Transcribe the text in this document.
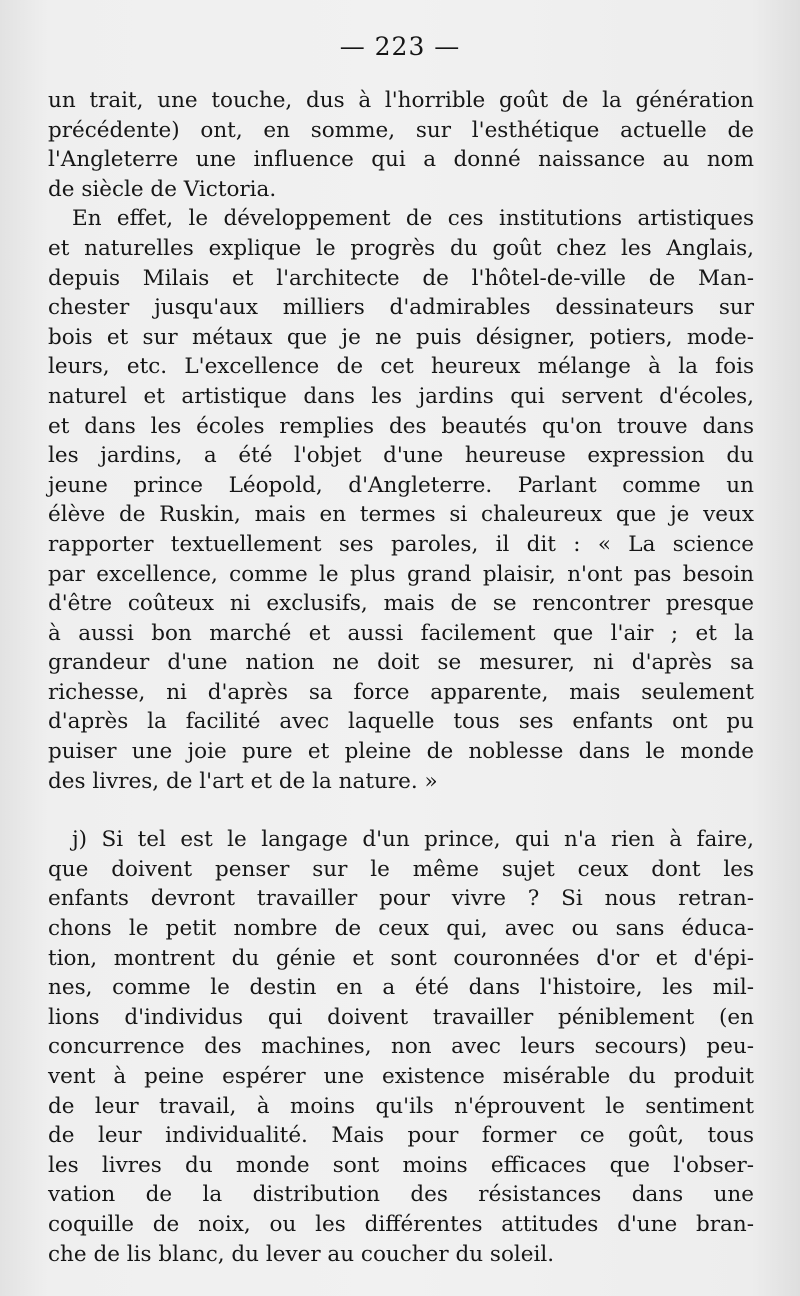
— 223 —
un trait, une touche, dus à l'horrible goût de la génération
précédente) ont, en somme, sur l'esthétique actuelle de
l'Angleterre une influence qui a donné naissance au nom
de siècle de Victoria.
En effet, le développement de ces institutions artistiques
et naturelles explique le progrès du goût chez les Anglais,
depuis Milais et l'architecte de l'hôtel-de-ville de Man-
chester jusqu'aux milliers d'admirables dessinateurs sur
bois et sur métaux que je ne puis désigner, potiers, mode-
leurs, etc. L'excellence de cet heureux mélange à la fois
naturel et artistique dans les jardins qui servent d'écoles,
et dans les écoles remplies des beautés qu'on trouve dans
les jardins, a été l'objet d'une heureuse expression du
jeune prince Léopold, d'Angleterre. Parlant comme un
élève de Ruskin, mais en termes si chaleureux que je veux
rapporter textuellement ses paroles, il dit : « La science
par excellence, comme le plus grand plaisir, n'ont pas besoin
d'être coûteux ni exclusifs, mais de se rencontrer presque
à aussi bon marché et aussi facilement que l'air ; et la
grandeur d'une nation ne doit se mesurer, ni d'après sa
richesse, ni d'après sa force apparente, mais seulement
d'après la facilité avec laquelle tous ses enfants ont pu
puiser une joie pure et pleine de noblesse dans le monde
des livres, de l'art et de la nature. »
j) Si tel est le langage d'un prince, qui n'a rien à faire,
que doivent penser sur le même sujet ceux dont les
enfants devront travailler pour vivre ? Si nous retran-
chons le petit nombre de ceux qui, avec ou sans éduca-
tion, montrent du génie et sont couronnées d'or et d'épi-
nes, comme le destin en a été dans l'histoire, les mil-
lions d'individus qui doivent travailler péniblement (en
concurrence des machines, non avec leurs secours) peu-
vent à peine espérer une existence misérable du produit
de leur travail, à moins qu'ils n'éprouvent le sentiment
de leur individualité. Mais pour former ce goût, tous
les livres du monde sont moins efficaces que l'obser-
vation de la distribution des résistances dans une
coquille de noix, ou les différentes attitudes d'une bran-
che de lis blanc, du lever au coucher du soleil.
